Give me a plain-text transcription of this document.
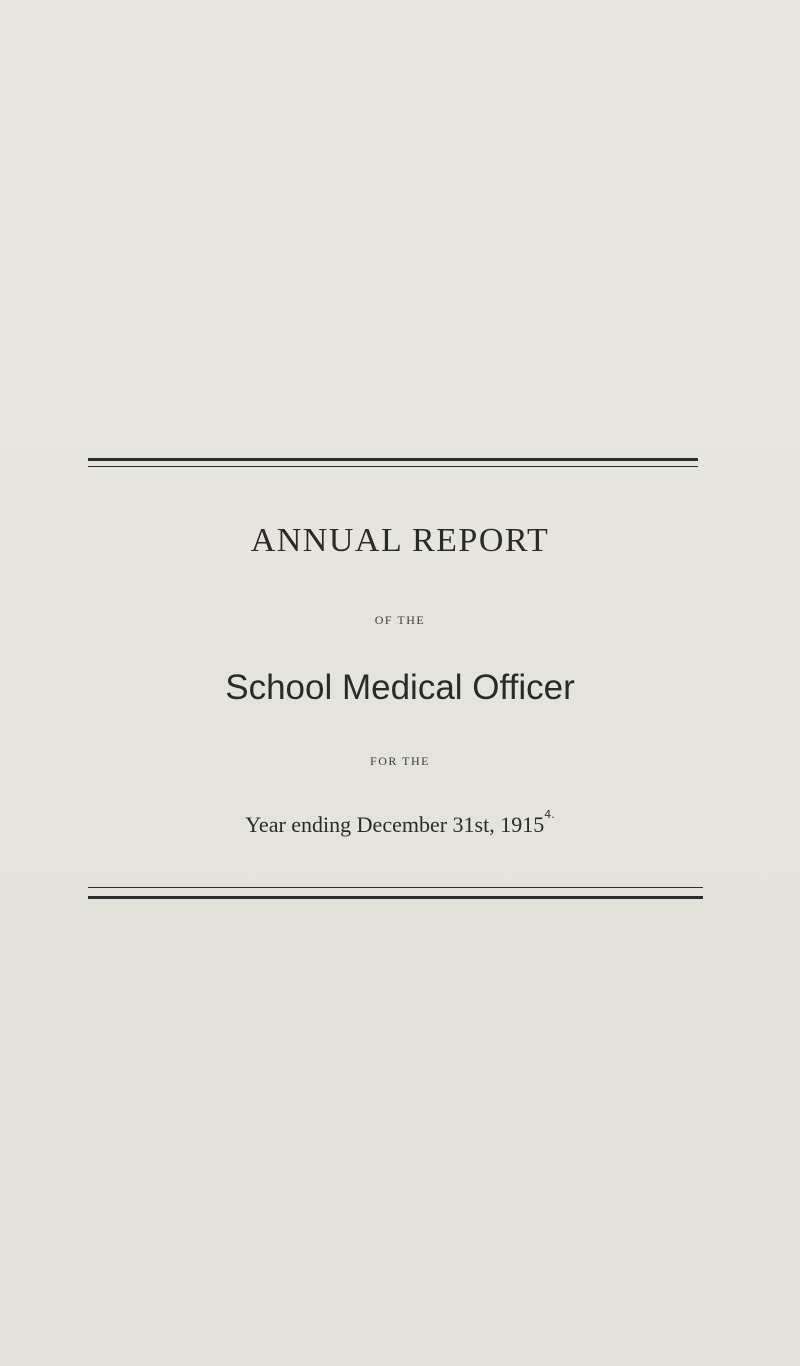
ANNUAL REPORT
OF THE
School Medical Officer
FOR THE
Year ending December 31st, $1915^{4.}$
